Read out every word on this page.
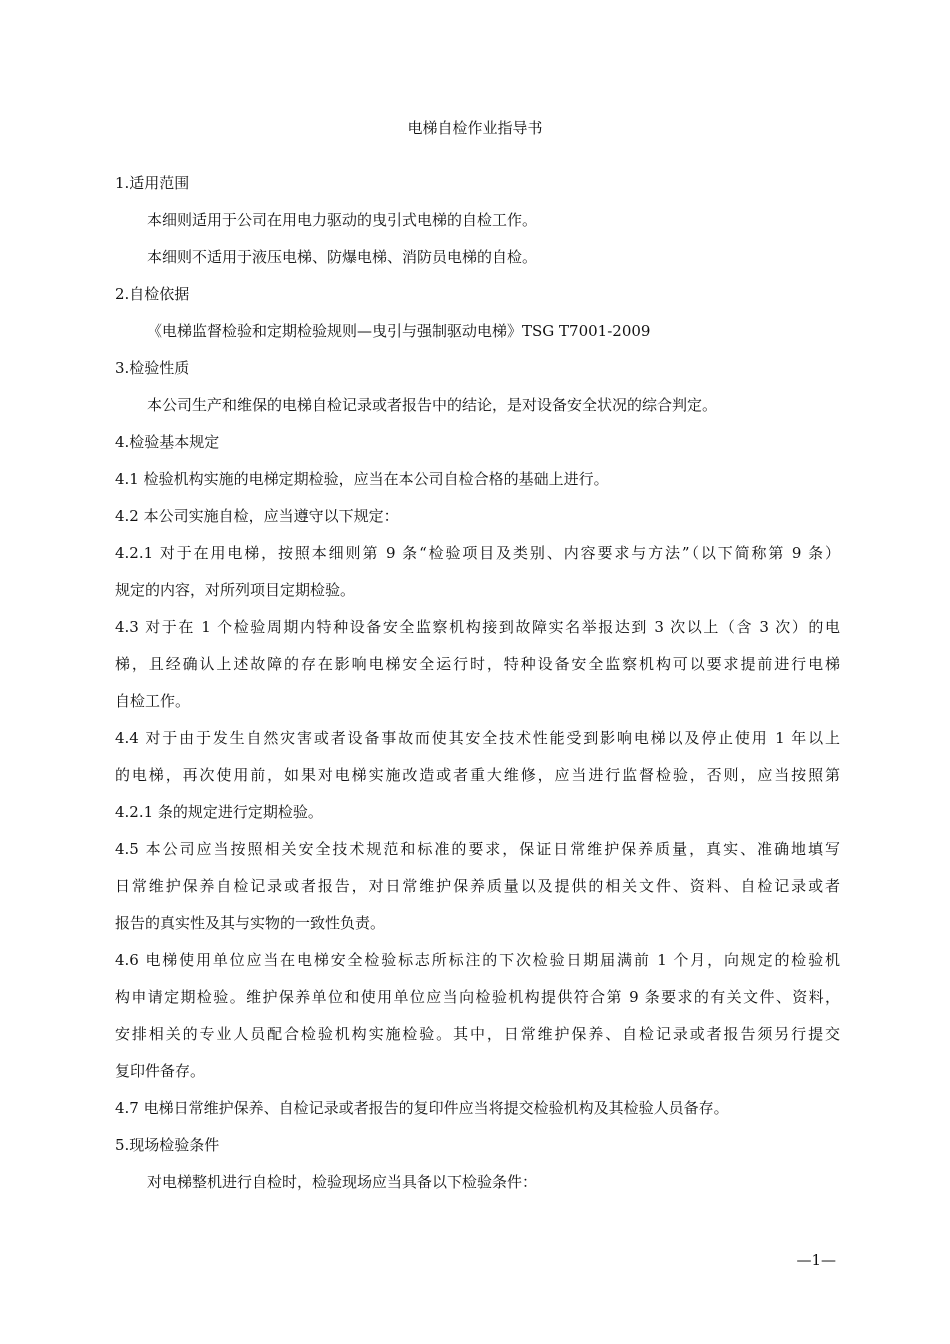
电梯自检作业指导书
1.适用范围
本细则适用于公司在用电力驱动的曳引式电梯的自检工作。
本细则不适用于液压电梯、防爆电梯、消防员电梯的自检。
2.自检依据
《电梯监督检验和定期检验规则—曳引与强制驱动电梯》TSG T7001-2009
3.检验性质
本公司生产和维保的电梯自检记录或者报告中的结论，是对设备安全状况的综合判定。
4.检验基本规定
4.1 检验机构实施的电梯定期检验，应当在本公司自检合格的基础上进行。
4.2 本公司实施自检，应当遵守以下规定：
4.2.1 对于在用电梯，按照本细则第 9 条“检验项目及类别、内容要求与方法”（以下简称第 9 条）
规定的内容，对所列项目定期检验。
4.3 对于在 1 个检验周期内特种设备安全监察机构接到故障实名举报达到 3 次以上（含 3 次）的电
梯，且经确认上述故障的存在影响电梯安全运行时，特种设备安全监察机构可以要求提前进行电梯
自检工作。
4.4 对于由于发生自然灾害或者设备事故而使其安全技术性能受到影响电梯以及停止使用 1 年以上
的电梯，再次使用前，如果对电梯实施改造或者重大维修，应当进行监督检验，否则，应当按照第
4.2.1 条的规定进行定期检验。
4.5 本公司应当按照相关安全技术规范和标准的要求，保证日常维护保养质量，真实、准确地填写
日常维护保养自检记录或者报告，对日常维护保养质量以及提供的相关文件、资料、自检记录或者
报告的真实性及其与实物的一致性负责。
4.6 电梯使用单位应当在电梯安全检验标志所标注的下次检验日期届满前 1 个月，向规定的检验机
构申请定期检验。维护保养单位和使用单位应当向检验机构提供符合第 9 条要求的有关文件、资料，
安排相关的专业人员配合检验机构实施检验。其中，日常维护保养、自检记录或者报告须另行提交
复印件备存。
4.7 电梯日常维护保养、自检记录或者报告的复印件应当将提交检验机构及其检验人员备存。
5.现场检验条件
对电梯整机进行自检时，检验现场应当具备以下检验条件：
—1—
